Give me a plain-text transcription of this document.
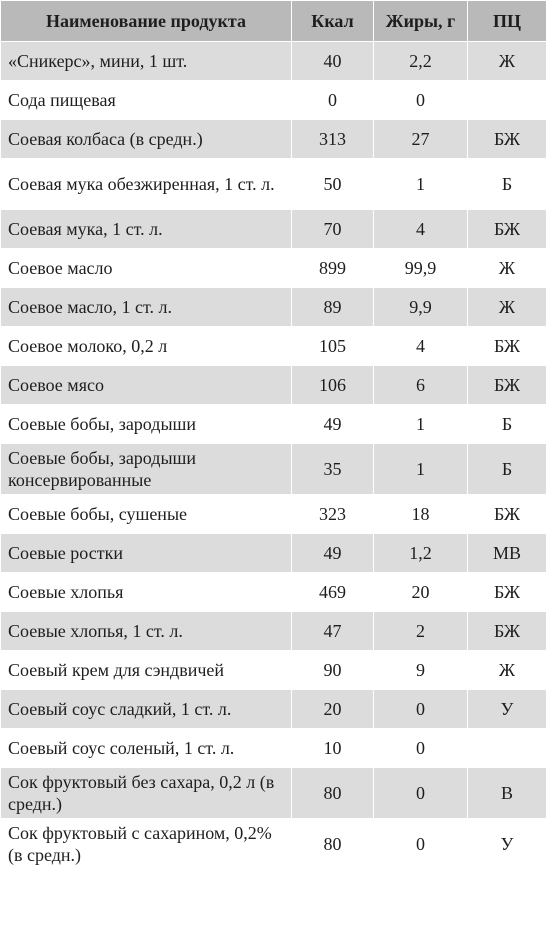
Наименование продукта	Ккал	Жиры, г	ПЦ
«Сникерс», мини, 1 шт.	40	2,2	Ж
Сода пищевая	0	0	
Соевая колбаса (в средн.)	313	27	БЖ
Соевая мука обезжиренная, 1 ст. л.	50	1	Б
Соевая мука, 1 ст. л.	70	4	БЖ
Соевое масло	899	99,9	Ж
Соевое масло, 1 ст. л.	89	9,9	Ж
Соевое молоко, 0,2 л	105	4	БЖ
Соевое мясо	106	6	БЖ
Соевые бобы, зародыши	49	1	Б
Соевые бобы, зародыши консервированные	35	1	Б
Соевые бобы, сушеные	323	18	БЖ
Соевые ростки	49	1,2	МВ
Соевые хлопья	469	20	БЖ
Соевые хлопья, 1 ст. л.	47	2	БЖ
Соевый крем для сэндвичей	90	9	Ж
Соевый соус сладкий, 1 ст. л.	20	0	У
Соевый соус соленый, 1 ст. л.	10	0	
Сок фруктовый без сахара, 0,2 л (в средн.)	80	0	В
Сок фруктовый с сахарином, 0,2% (в средн.)	80	0	У
